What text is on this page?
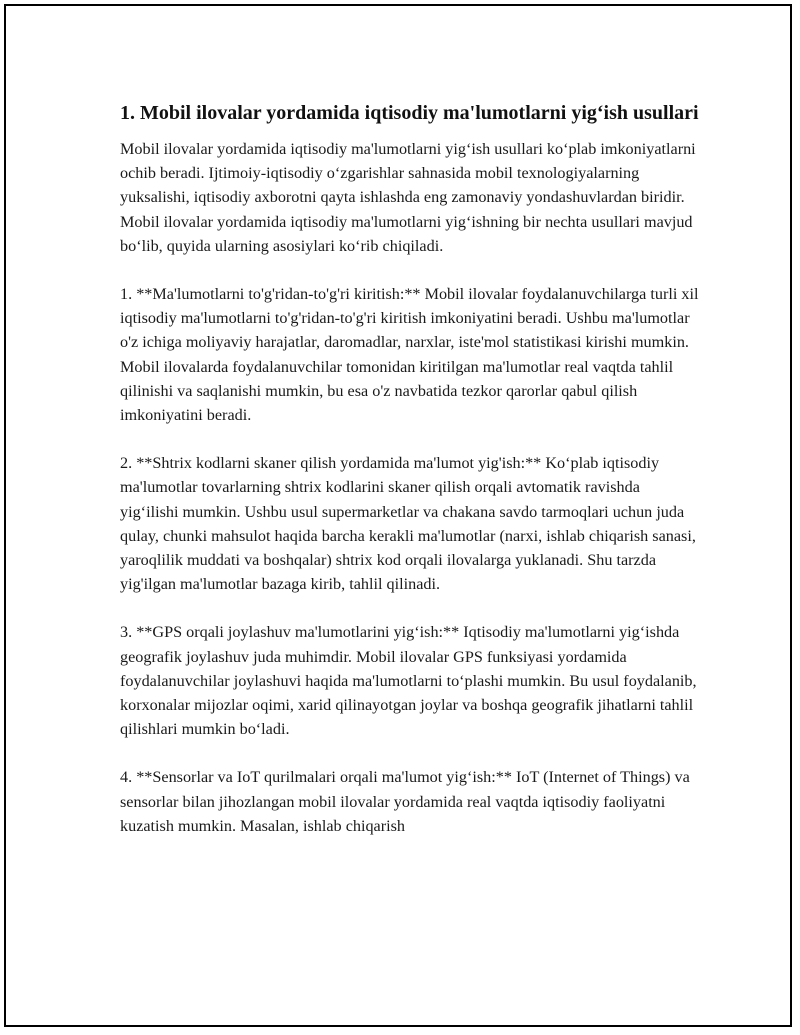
1. Mobil ilovalar yordamida iqtisodiy ma'lumotlarni yig‘ish usullari

Mobil ilovalar yordamida iqtisodiy ma'lumotlarni yig‘ish usullari ko‘plab imkoniyatlarni ochib beradi. Ijtimoiy-iqtisodiy o‘zgarishlar sahnasida mobil texnologiyalarning yuksalishi, iqtisodiy axborotni qayta ishlashda eng zamonaviy yondashuvlardan biridir. Mobil ilovalar yordamida iqtisodiy ma'lumotlarni yig‘ishning bir nechta usullari mavjud bo‘lib, quyida ularning asosiylari ko‘rib chiqiladi.

1. **Ma'lumotlarni to'g'ridan-to'g'ri kiritish:** Mobil ilovalar foydalanuvchilarga turli xil iqtisodiy ma'lumotlarni to'g'ridan-to'g'ri kiritish imkoniyatini beradi. Ushbu ma'lumotlar o'z ichiga moliyaviy harajatlar, daromadlar, narxlar, iste'mol statistikasi kirishi mumkin. Mobil ilovalarda foydalanuvchilar tomonidan kiritilgan ma'lumotlar real vaqtda tahlil qilinishi va saqlanishi mumkin, bu esa o'z navbatida tezkor qarorlar qabul qilish imkoniyatini beradi.

2. **Shtrix kodlarni skaner qilish yordamida ma'lumot yig'ish:** Ko‘plab iqtisodiy ma'lumotlar tovarlarning shtrix kodlarini skaner qilish orqali avtomatik ravishda yig‘ilishi mumkin. Ushbu usul supermarketlar va chakana savdo tarmoqlari uchun juda qulay, chunki mahsulot haqida barcha kerakli ma'lumotlar (narxi, ishlab chiqarish sanasi, yaroqlilik muddati va boshqalar) shtrix kod orqali ilovalarga yuklanadi. Shu tarzda yig'ilgan ma'lumotlar bazaga kirib, tahlil qilinadi.

3. **GPS orqali joylashuv ma'lumotlarini yig‘ish:** Iqtisodiy ma'lumotlarni yig‘ishda geografik joylashuv juda muhimdir. Mobil ilovalar GPS funksiyasi yordamida foydalanuvchilar joylashuvi haqida ma'lumotlarni to‘plashi mumkin. Bu usul foydalanib, korxonalar mijozlar oqimi, xarid qilinayotgan joylar va boshqa geografik jihatlarni tahlil qilishlari mumkin bo‘ladi.

4. **Sensorlar va IoT qurilmalari orqali ma'lumot yig‘ish:** IoT (Internet of Things) va sensorlar bilan jihozlangan mobil ilovalar yordamida real vaqtda iqtisodiy faoliyatni kuzatish mumkin. Masalan, ishlab chiqarish
